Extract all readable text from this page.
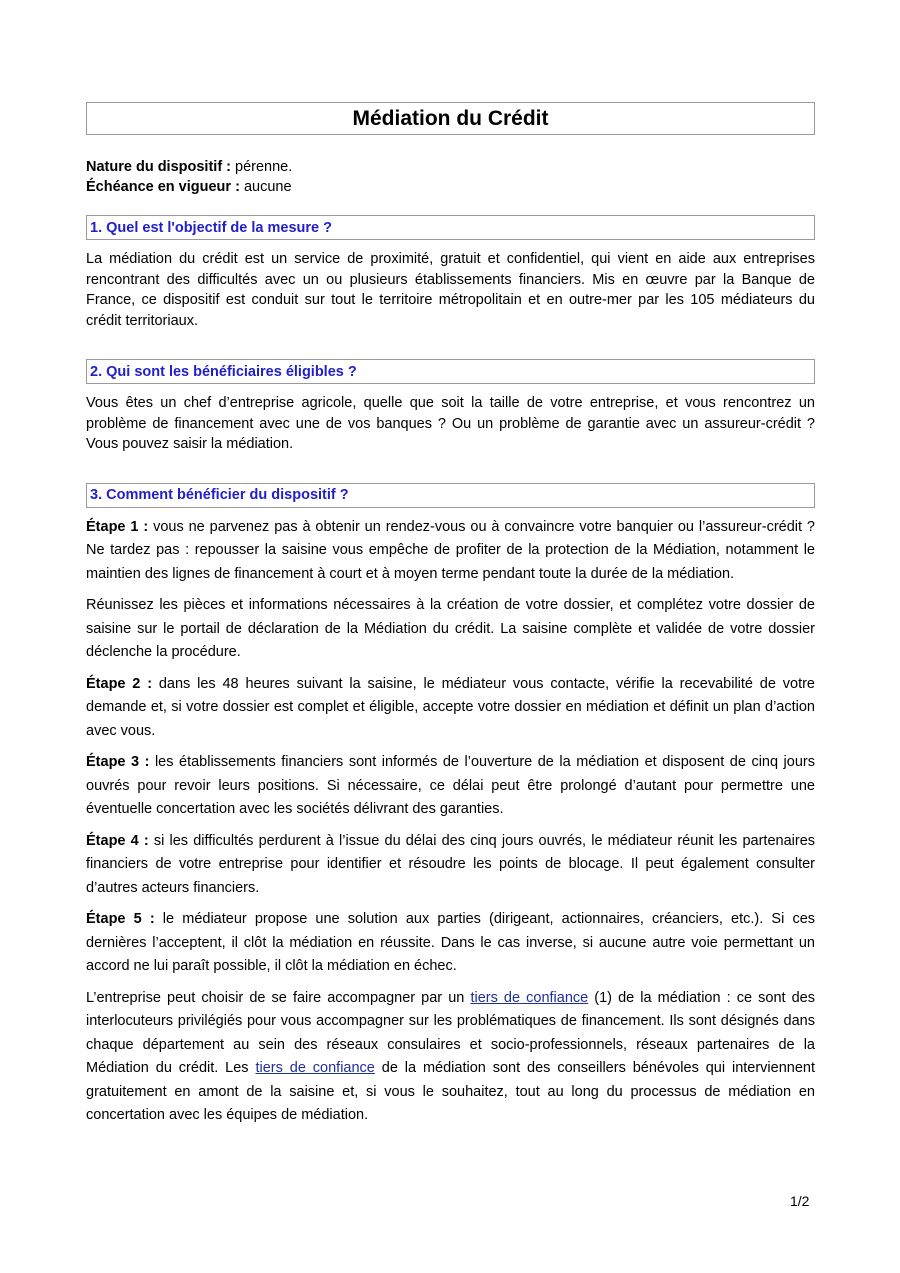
Médiation du Crédit
Nature du dispositif : pérenne.
Échéance en vigueur : aucune
1. Quel est l'objectif de la mesure ?

La médiation du crédit est un service de proximité, gratuit et confidentiel, qui vient en aide aux entreprises rencontrant des difficultés avec un ou plusieurs établissements financiers. Mis en œuvre par la Banque de France, ce dispositif est conduit sur tout le territoire métropolitain et en outre-mer par les 105 médiateurs du crédit territoriaux.

2. Qui sont les bénéficiaires éligibles ?

Vous êtes un chef d’entreprise agricole, quelle que soit la taille de votre entreprise, et vous rencontrez un problème de financement avec une de vos banques ? Ou un problème de garantie avec un assureur-crédit ? Vous pouvez saisir la médiation.

3. Comment bénéficier du dispositif ?

Étape 1 : vous ne parvenez pas à obtenir un rendez-vous ou à convaincre votre banquier ou l’assureur-crédit ? Ne tardez pas : repousser la saisine vous empêche de profiter de la protection de la Médiation, notamment le maintien des lignes de financement à court et à moyen terme pendant toute la durée de la médiation.

Réunissez les pièces et informations nécessaires à la création de votre dossier, et complétez votre dossier de saisine sur le portail de déclaration de la Médiation du crédit. La saisine complète et validée de votre dossier déclenche la procédure.

Étape 2 : dans les 48 heures suivant la saisine, le médiateur vous contacte, vérifie la recevabilité de votre demande et, si votre dossier est complet et éligible, accepte votre dossier en médiation et définit un plan d’action avec vous.

Étape 3 : les établissements financiers sont informés de l’ouverture de la médiation et disposent de cinq jours ouvrés pour revoir leurs positions. Si nécessaire, ce délai peut être prolongé d’autant pour permettre une éventuelle concertation avec les sociétés délivrant des garanties.

Étape 4 : si les difficultés perdurent à l’issue du délai des cinq jours ouvrés, le médiateur réunit les partenaires financiers de votre entreprise pour identifier et résoudre les points de blocage. Il peut également consulter d’autres acteurs financiers.

Étape 5 : le médiateur propose une solution aux parties (dirigeant, actionnaires, créanciers, etc.). Si ces dernières l’acceptent, il clôt la médiation en réussite. Dans le cas inverse, si aucune autre voie permettant un accord ne lui paraît possible, il clôt la médiation en échec.

L’entreprise peut choisir de se faire accompagner par un tiers de confiance (1) de la médiation : ce sont des interlocuteurs privilégiés pour vous accompagner sur les problématiques de financement. Ils sont désignés dans chaque département au sein des réseaux consulaires et socio-professionnels, réseaux partenaires de la Médiation du crédit. Les tiers de confiance de la médiation sont des conseillers bénévoles qui interviennent gratuitement en amont de la saisine et, si vous le souhaitez, tout au long du processus de médiation en concertation avec les équipes de médiation.

1/2
